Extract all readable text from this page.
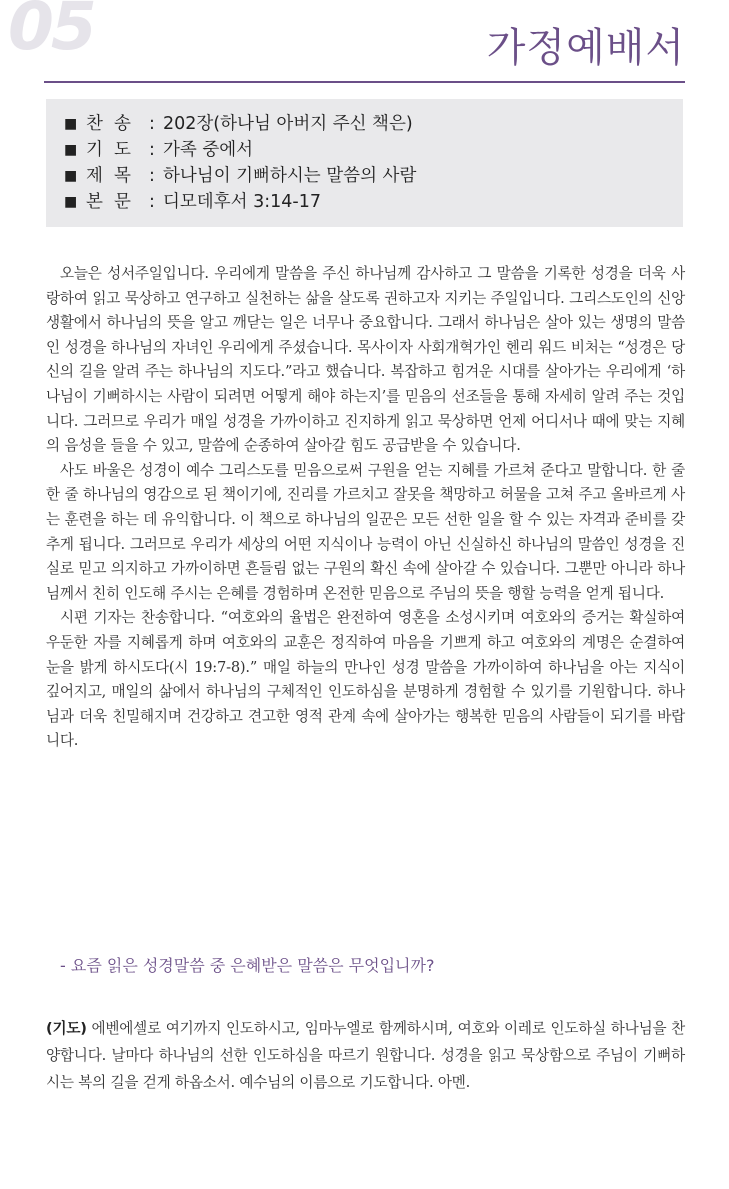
05	가정예배서
■ 찬  송	: 202장(하나님 아버지 주신 책은)
■ 기  도	: 가족 중에서
■ 제  목	: 하나님이 기뻐하시는 말씀의 사람
■ 본  문	: 디모데후서 3:14-17

오늘은 성서주일입니다. 우리에게 말씀을 주신 하나님께 감사하고 그 말씀을 기록한 성경을 더욱 사랑하여 읽고 묵상하고 연구하고 실천하는 삶을 살도록 권하고자 지키는 주일입니다. 그리스도인의 신앙생활에서 하나님의 뜻을 알고 깨닫는 일은 너무나 중요합니다. 그래서 하나님은 살아 있는 생명의 말씀인 성경을 하나님의 자녀인 우리에게 주셨습니다. 목사이자 사회개혁가인 헨리 워드 비처는 “성경은 당신의 길을 알려 주는 하나님의 지도다.”라고 했습니다. 복잡하고 힘겨운 시대를 살아가는 우리에게 ‘하나님이 기뻐하시는 사람이 되려면 어떻게 해야 하는지’를 믿음의 선조들을 통해 자세히 알려 주는 것입니다. 그러므로 우리가 매일 성경을 가까이하고 진지하게 읽고 묵상하면 언제 어디서나 때에 맞는 지혜의 음성을 들을 수 있고, 말씀에 순종하여 살아갈 힘도 공급받을 수 있습니다.

사도 바울은 성경이 예수 그리스도를 믿음으로써 구원을 얻는 지혜를 가르쳐 준다고 말합니다. 한 줄 한 줄 하나님의 영감으로 된 책이기에, 진리를 가르치고 잘못을 책망하고 허물을 고쳐 주고 올바르게 사는 훈련을 하는 데 유익합니다. 이 책으로 하나님의 일꾼은 모든 선한 일을 할 수 있는 자격과 준비를 갖추게 됩니다. 그러므로 우리가 세상의 어떤 지식이나 능력이 아닌 신실하신 하나님의 말씀인 성경을 진실로 믿고 의지하고 가까이하면 흔들림 없는 구원의 확신 속에 살아갈 수 있습니다. 그뿐만 아니라 하나님께서 친히 인도해 주시는 은혜를 경험하며 온전한 믿음으로 주님의 뜻을 행할 능력을 얻게 됩니다.

시편 기자는 찬송합니다. “여호와의 율법은 완전하여 영혼을 소성시키며 여호와의 증거는 확실하여 우둔한 자를 지혜롭게 하며 여호와의 교훈은 정직하여 마음을 기쁘게 하고 여호와의 계명은 순결하여 눈을 밝게 하시도다(시 19:7-8).” 매일 하늘의 만나인 성경 말씀을 가까이하여 하나님을 아는 지식이 깊어지고, 매일의 삶에서 하나님의 구체적인 인도하심을 분명하게 경험할 수 있기를 기원합니다. 하나님과 더욱 친밀해지며 건강하고 견고한 영적 관계 속에 살아가는 행복한 믿음의 사람들이 되기를 바랍니다.

- 요즘 읽은 성경말씀 중 은혜받은 말씀은 무엇입니까?
(기도) 에벤에셀로 여기까지 인도하시고, 임마누엘로 함께하시며, 여호와 이레로 인도하실 하나님을 찬양합니다. 날마다 하나님의 선한 인도하심을 따르기 원합니다. 성경을 읽고 묵상함으로 주님이 기뻐하시는 복의 길을 걷게 하옵소서. 예수님의 이름으로 기도합니다. 아멘.
